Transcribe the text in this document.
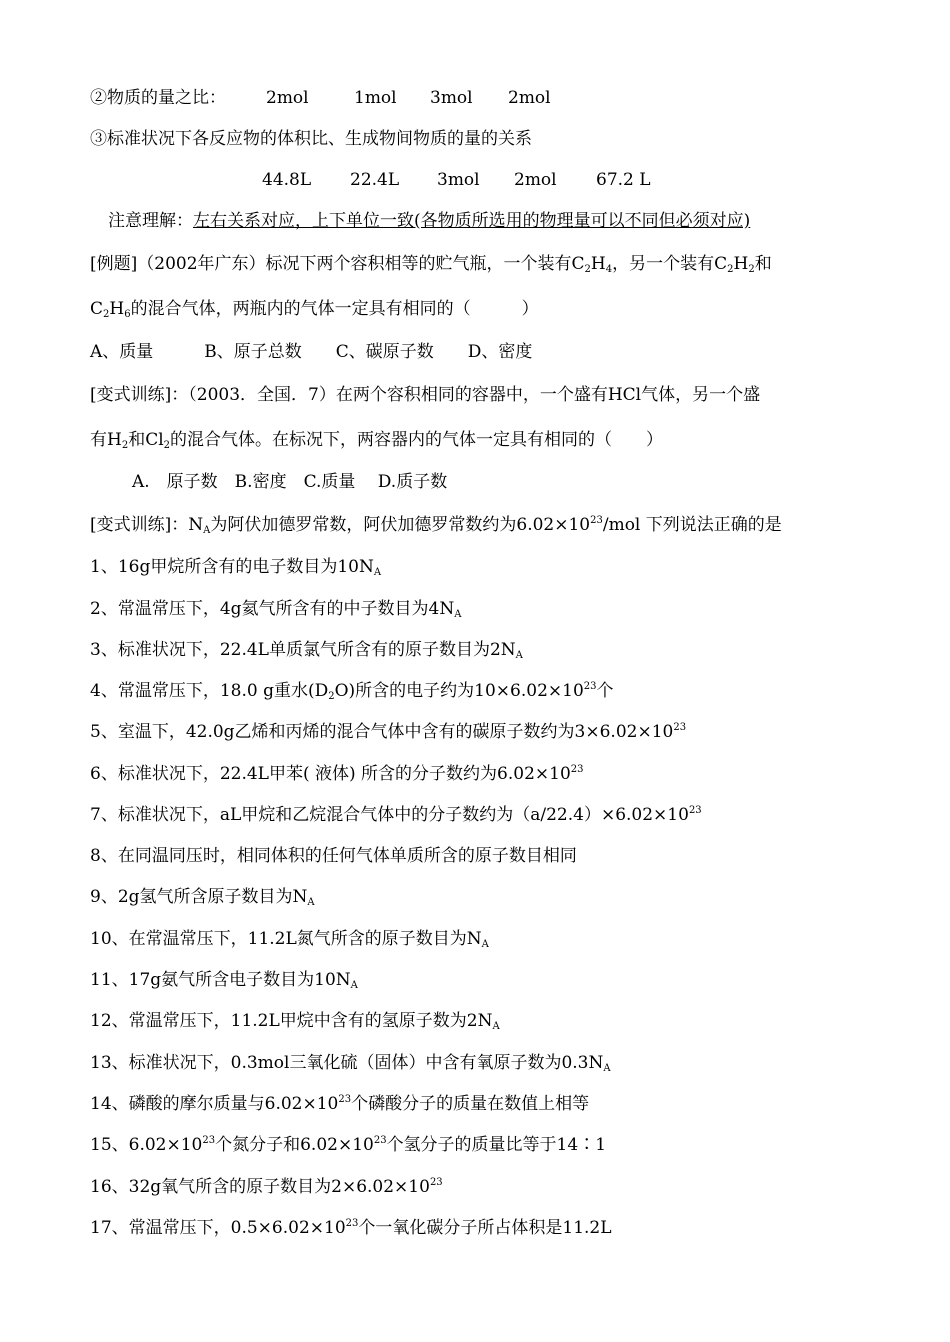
②物质的量之比： 2mol	1mol 3mol 2mol
③标准状况下各反应物的体积比、生成物间物质的量的关系
44.8L 22.4L 3mol 2mol 67.2 L
注意理解：左右关系对应，上下单位一致(各物质所选用的物理量可以不同但必须对应)
[例题]（2002年广东）标况下两个容积相等的贮气瓶，一个装有$C_2H_4$，另一个装有$C_2H_2$和
$C_2H_6$的混合气体，两瓶内的气体一定具有相同的（　　　）
A、质量　　　B、原子总数　　C、碳原子数　　D、密度
[变式训练]：（2003．全国．7）在两个容积相同的容器中，一个盛有HCl气体，另一个盛
有$H_2$和$Cl_2$的混合气体。在标况下，两容器内的气体一定具有相同的（　　）
A.　原子数　B.密度　C.质量　 D.质子数
[变式训练]：$N_A$为阿伏加德罗常数，阿伏加德罗常数约为$6.02\times 10^{23}$/mol 下列说法正确的是
1、16g甲烷所含有的电子数目为$10N_A$
2、常温常压下，4g氦气所含有的中子数目为$4N_A$
3、标准状况下，22.4L单质氯气所含有的原子数目为$2N_A$
4、常温常压下，18.0 g重水$(D_2O)$所含的电子约为$10\times 6.02\times 10^{23}$个
5、室温下，42.0g乙烯和丙烯的混合气体中含有的碳原子数约为$3\times 6.02\times 10^{23}$
6、标准状况下，22.4L甲苯( 液体) 所含的分子数约为$6.02\times 10^{23}$
7、标准状况下，aL甲烷和乙烷混合气体中的分子数约为$(a/22.4)\times 6.02\times 10^{23}$
8、在同温同压时，相同体积的任何气体单质所含的原子数目相同
9、2g氢气所含原子数目为$N_A$
10、在常温常压下，11.2L氮气所含的原子数目为$N_A$
11、17g氨气所含电子数目为$10N_A$
12、常温常压下，11.2L甲烷中含有的氢原子数为$2N_A$
13、标准状况下，0.3mol三氧化硫（固体）中含有氧原子数为$0.3N_A$
14、磷酸的摩尔质量与$6.02\times 10^{23}$个磷酸分子的质量在数值上相等
15、$6.02\times 10^{23}$个氮分子和$6.02\times 10^{23}$个氢分子的质量比等于14∶1
16、32g氧气所含的原子数目为$2\times 6.02\times 10^{23}$
17、常温常压下，$0.5\times 6.02\times 10^{23}$个一氧化碳分子所占体积是11.2L
